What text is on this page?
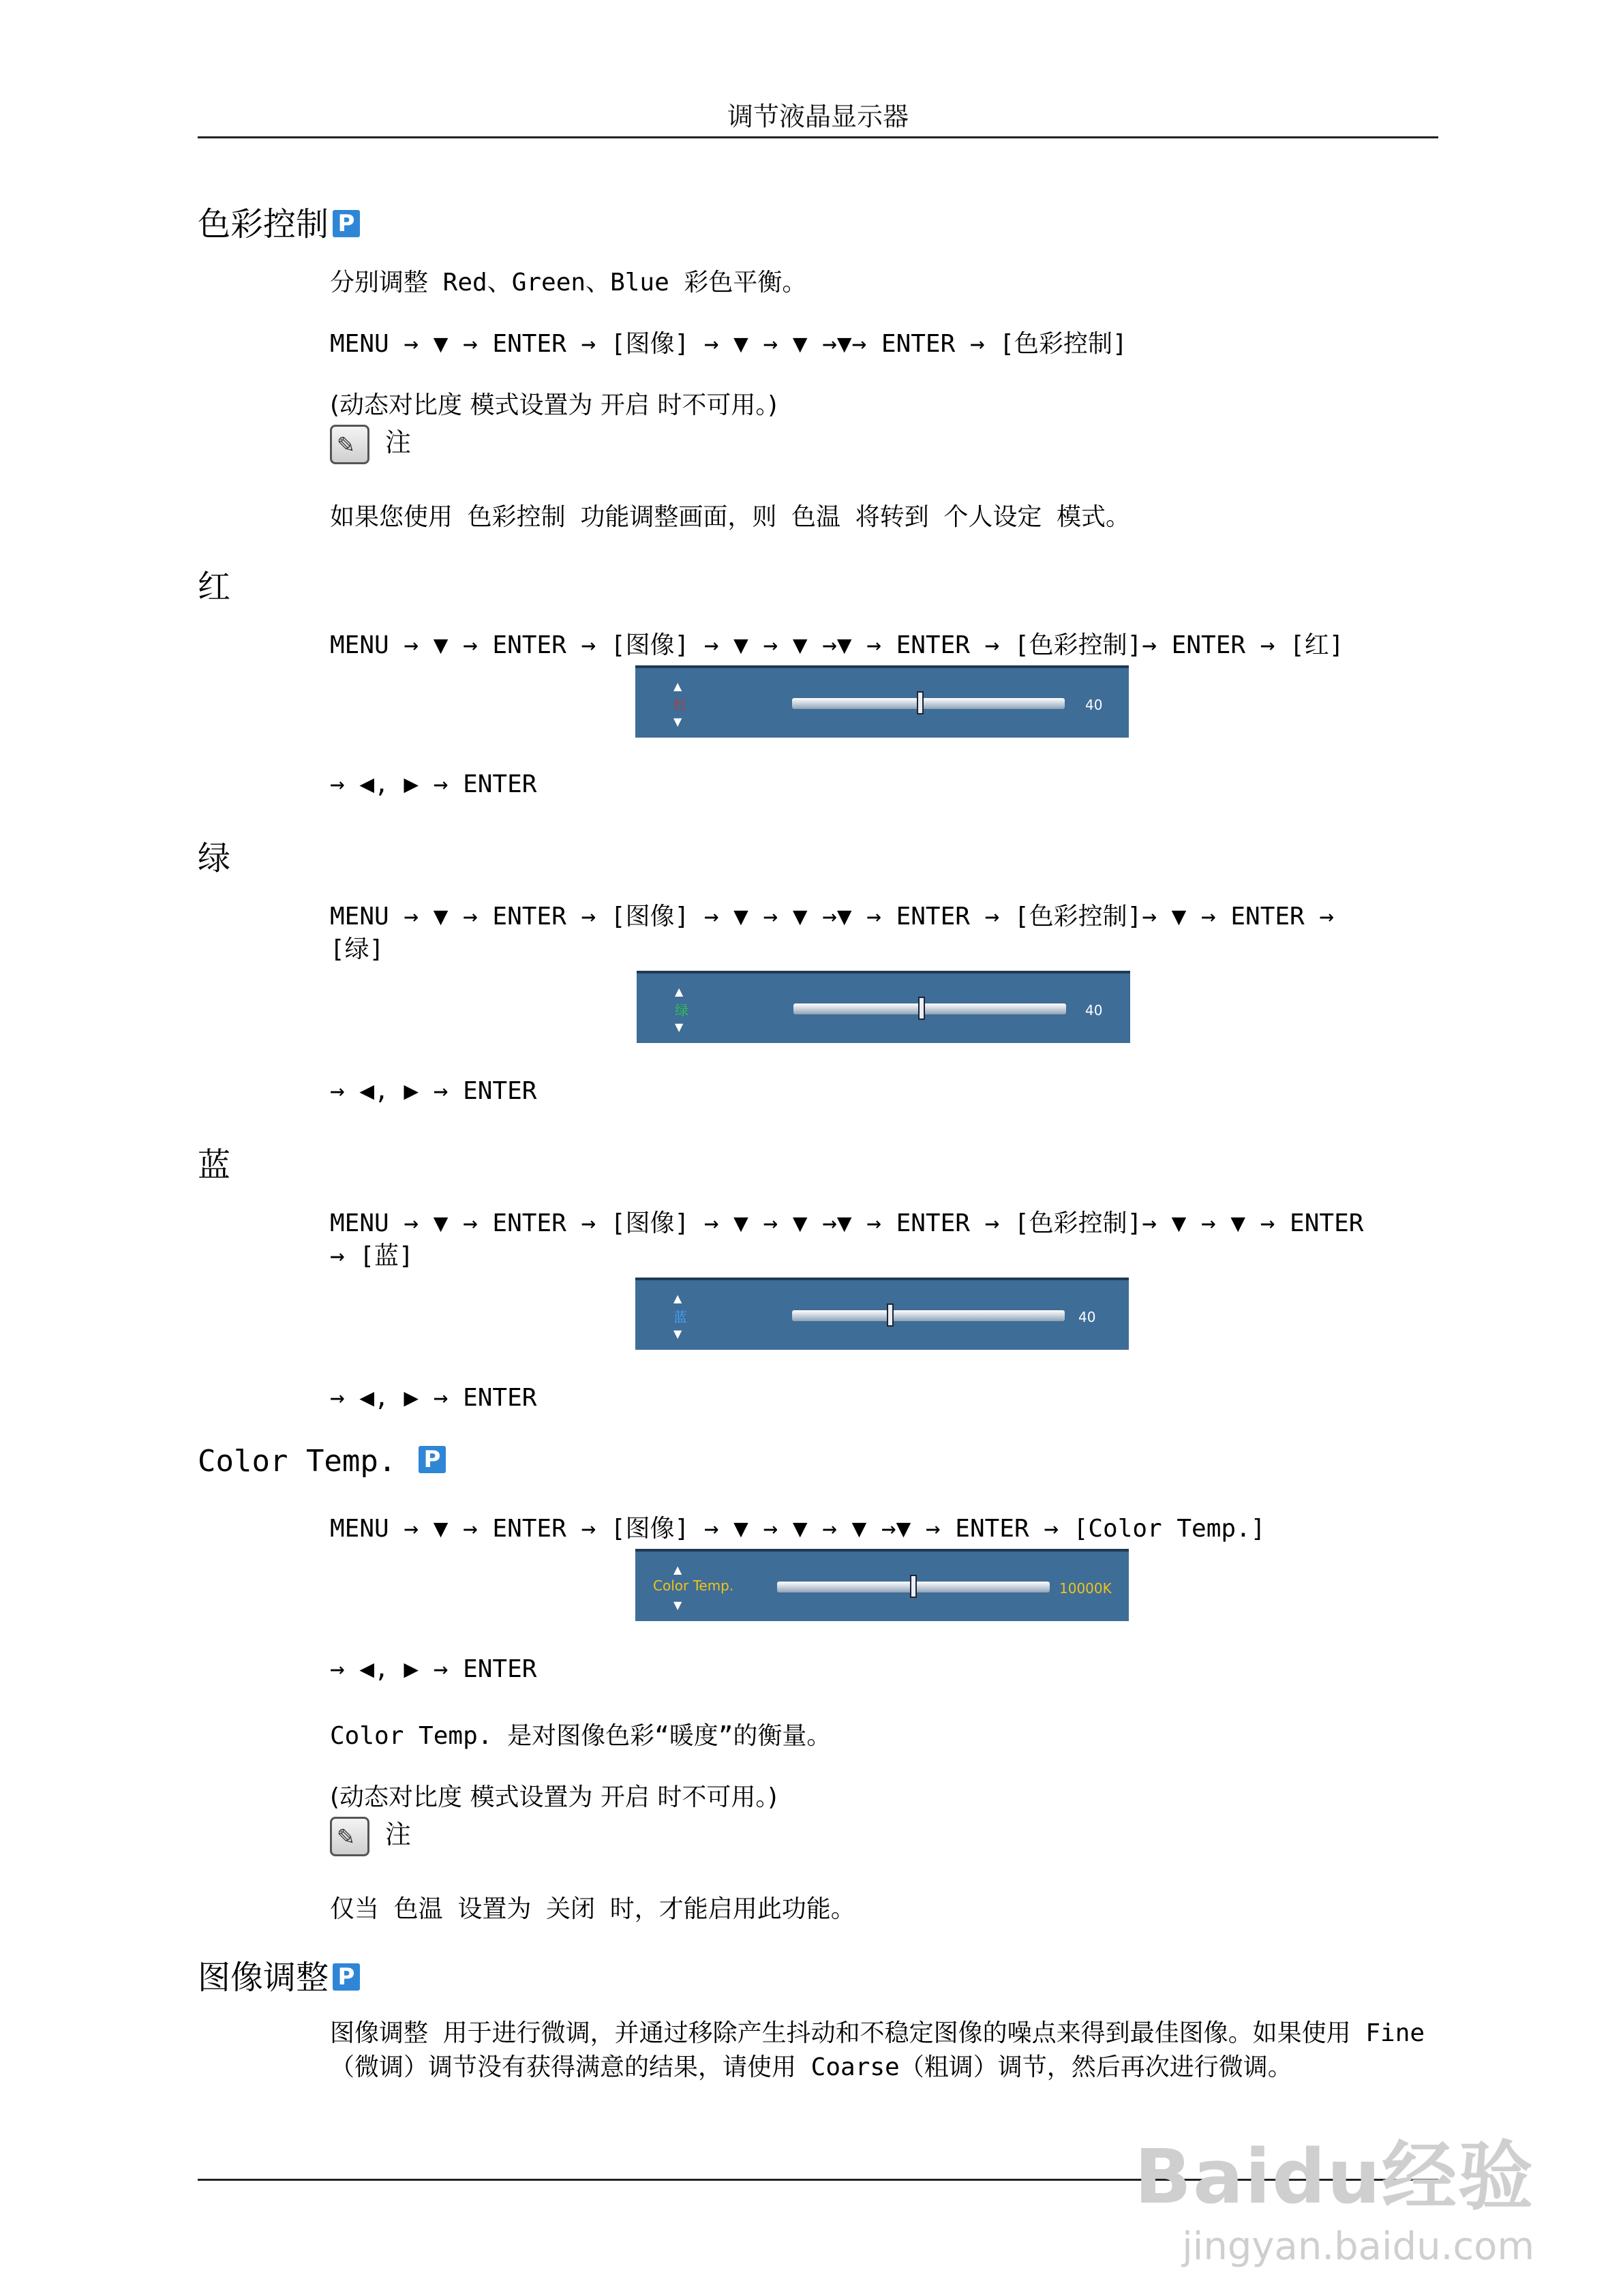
调节液晶显示器
色彩控制 P
分别调整 Red、Green、Blue 彩色平衡。
MENU → ▼ → ENTER → [图像] → ▼ → ▼ →▼→ ENTER → [色彩控制]
(动态对比度 模式设置为 开启 时不可用。)
✎ 注
如果您使用 色彩控制 功能调整画面，则 色温 将转到 个人设定 模式。
红
MENU → ▼ → ENTER → [图像] → ▼ → ▼ →▼ → ENTER → [色彩控制]→ ENTER → [红]
▲

▼
红	40
→ ◀, ▶ → ENTER
绿
MENU → ▼ → ENTER → [图像] → ▼ → ▼ →▼ → ENTER → [色彩控制]→ ▼ → ENTER →
[绿]
▲

▼
绿	40
→ ◀, ▶ → ENTER
蓝
MENU → ▼ → ENTER → [图像] → ▼ → ▼ →▼ → ENTER → [色彩控制]→ ▼ → ▼ → ENTER
→ [蓝]
▲

▼
蓝	40
→ ◀, ▶ → ENTER
Color Temp. P
MENU → ▼ → ENTER → [图像] → ▼ → ▼ → ▼ →▼ → ENTER → [Color Temp.]
▲

▼
Color Temp.	10000K
→ ◀, ▶ → ENTER
Color Temp. 是对图像色彩“暖度”的衡量。
(动态对比度 模式设置为 开启 时不可用。)
✎ 注
仅当 色温 设置为 关闭 时，才能启用此功能。
图像调整 P
图像调整 用于进行微调，并通过移除产生抖动和不稳定图像的噪点来得到最佳图像。如果使用 Fine（微调）调节没有获得满意的结果，请使用 Coarse（粗调）调节，然后再次进行微调。
Baidu经验
jingyan.baidu.com
